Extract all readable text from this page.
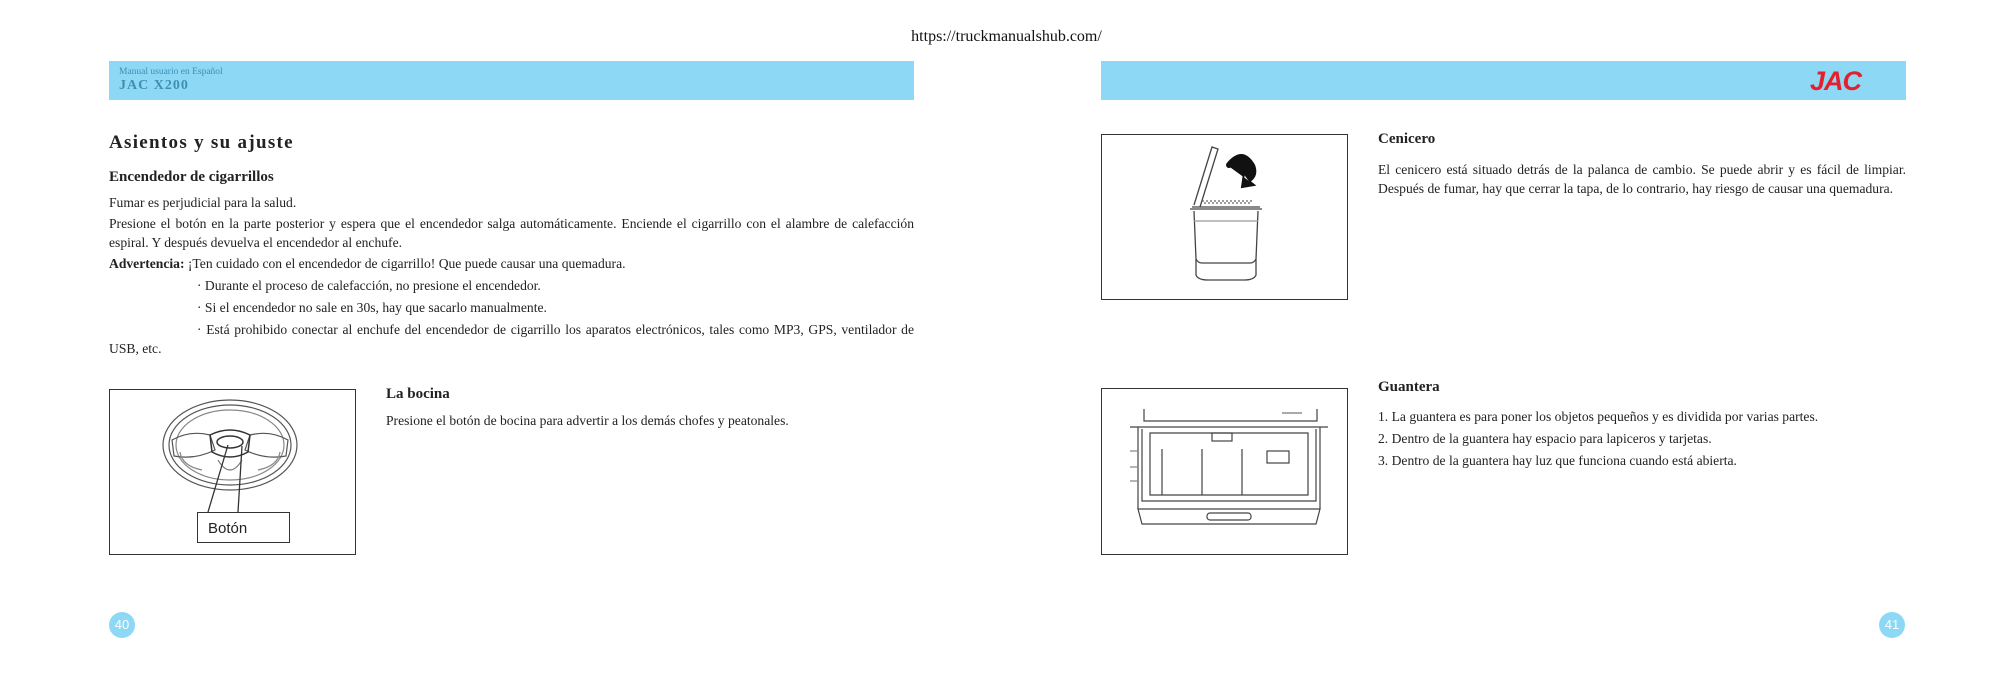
https://truckmanualshub.com/
Manual usuario en Español
JAC X200
Asientos y su ajuste
Encendedor de cigarrillos
Fumar es perjudicial para la salud.
Presione el botón en la parte posterior y espera que el encendedor salga automáticamente. Enciende el cigarrillo con el alambre de calefacción espiral. Y después devuelva el encendedor al enchufe.
Advertencia: ¡Ten cuidado con el encendedor de cigarrillo! Que puede causar una quemadura.
· Durante el proceso de calefacción, no presione el encendedor.
· Si el encendedor no sale en 30s, hay que sacarlo manualmente.
· Está prohibido conectar al enchufe del encendedor de cigarrillo los aparatos electrónicos, tales como MP3, GPS, ventilador de USB, etc.
Botón
La bocina
Presione el botón de bocina para advertir a los demás chofes y peatonales.
40
JAC
Cenicero
El cenicero está situado detrás de la palanca de cambio. Se puede abrir y es fácil de limpiar. Después de fumar, hay que cerrar la tapa, de lo contrario, hay riesgo de causar una quemadura.
Guantera
1. La guantera es para poner los objetos pequeños y es dividida por varias partes.
2. Dentro de la guantera hay espacio para lapiceros y tarjetas.
3. Dentro de la guantera hay luz que funciona cuando está abierta.
41
